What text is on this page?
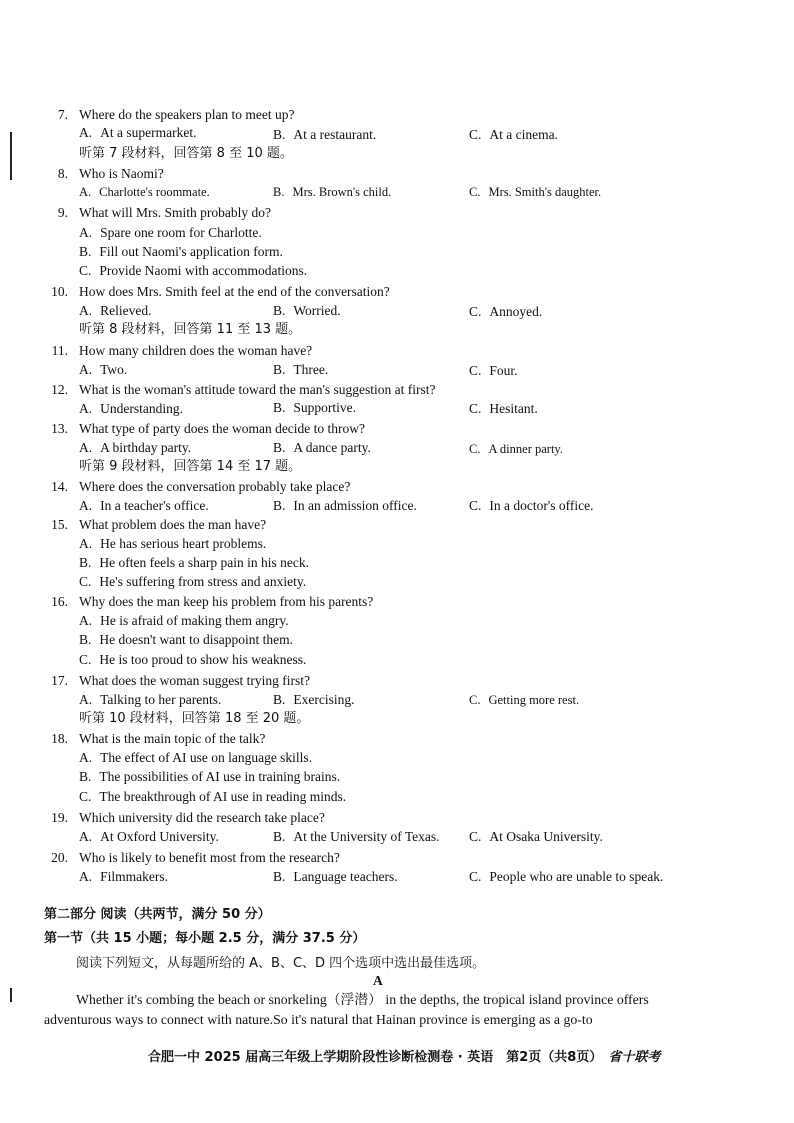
7. Where do the speakers plan to meet up?
A. At a supermarket.	B. At a restaurant.	C. At a cinema.
听第 7 段材料，回答第 8 至 10 题。
8. Who is Naomi?
A. Charlotte's roommate.	B. Mrs. Brown's child.	C. Mrs. Smith's daughter.
9. What will Mrs. Smith probably do?
A. Spare one room for Charlotte.
B. Fill out Naomi's application form.
C. Provide Naomi with accommodations.
10. How does Mrs. Smith feel at the end of the conversation?
A. Relieved.	B. Worried.	C. Annoyed.
听第 8 段材料，回答第 11 至 13 题。
11. How many children does the woman have?
A. Two.	B. Three.	C. Four.
12. What is the woman's attitude toward the man's suggestion at first?
A. Understanding.	B. Supportive.	C. Hesitant.
13. What type of party does the woman decide to throw?
A. A birthday party.	B. A dance party.	C. A dinner party.
听第 9 段材料，回答第 14 至 17 题。
14. Where does the conversation probably take place?
A. In a teacher's office.	B. In an admission office.	C. In a doctor's office.
15. What problem does the man have?
A. He has serious heart problems.
B. He often feels a sharp pain in his neck.
C. He's suffering from stress and anxiety.
16. Why does the man keep his problem from his parents?
A. He is afraid of making them angry.
B. He doesn't want to disappoint them.
C. He is too proud to show his weakness.
17. What does the woman suggest trying first?
A. Talking to her parents.	B. Exercising.	C. Getting more rest.
听第 10 段材料，回答第 18 至 20 题。
18. What is the main topic of the talk?
A. The effect of AI use on language skills.
B. The possibilities of AI use in training brains.
C. The breakthrough of AI use in reading minds.
19. Which university did the research take place?
A. At Oxford University.	B. At the University of Texas. C. At Osaka University.
20. Who is likely to benefit most from the research?
A. Filmmakers.	B. Language teachers.	C. People who are unable to speak.
第二部分 阅读（共两节，满分 50 分）
第一节（共 15 小题；每小题 2.5 分，满分 37.5 分）
阅读下列短文，从每题所给的 A、B、C、D 四个选项中选出最佳选项。
A
Whether it's combing the beach or snorkeling（浮潜） in the depths, the tropical island province offers
adventurous ways to connect with nature.So it's natural that Hainan province is emerging as a go-to
合肥一中 2025 届高三年级上学期阶段性诊断检测卷 · 英语　第2页（共8页） 省十联考
